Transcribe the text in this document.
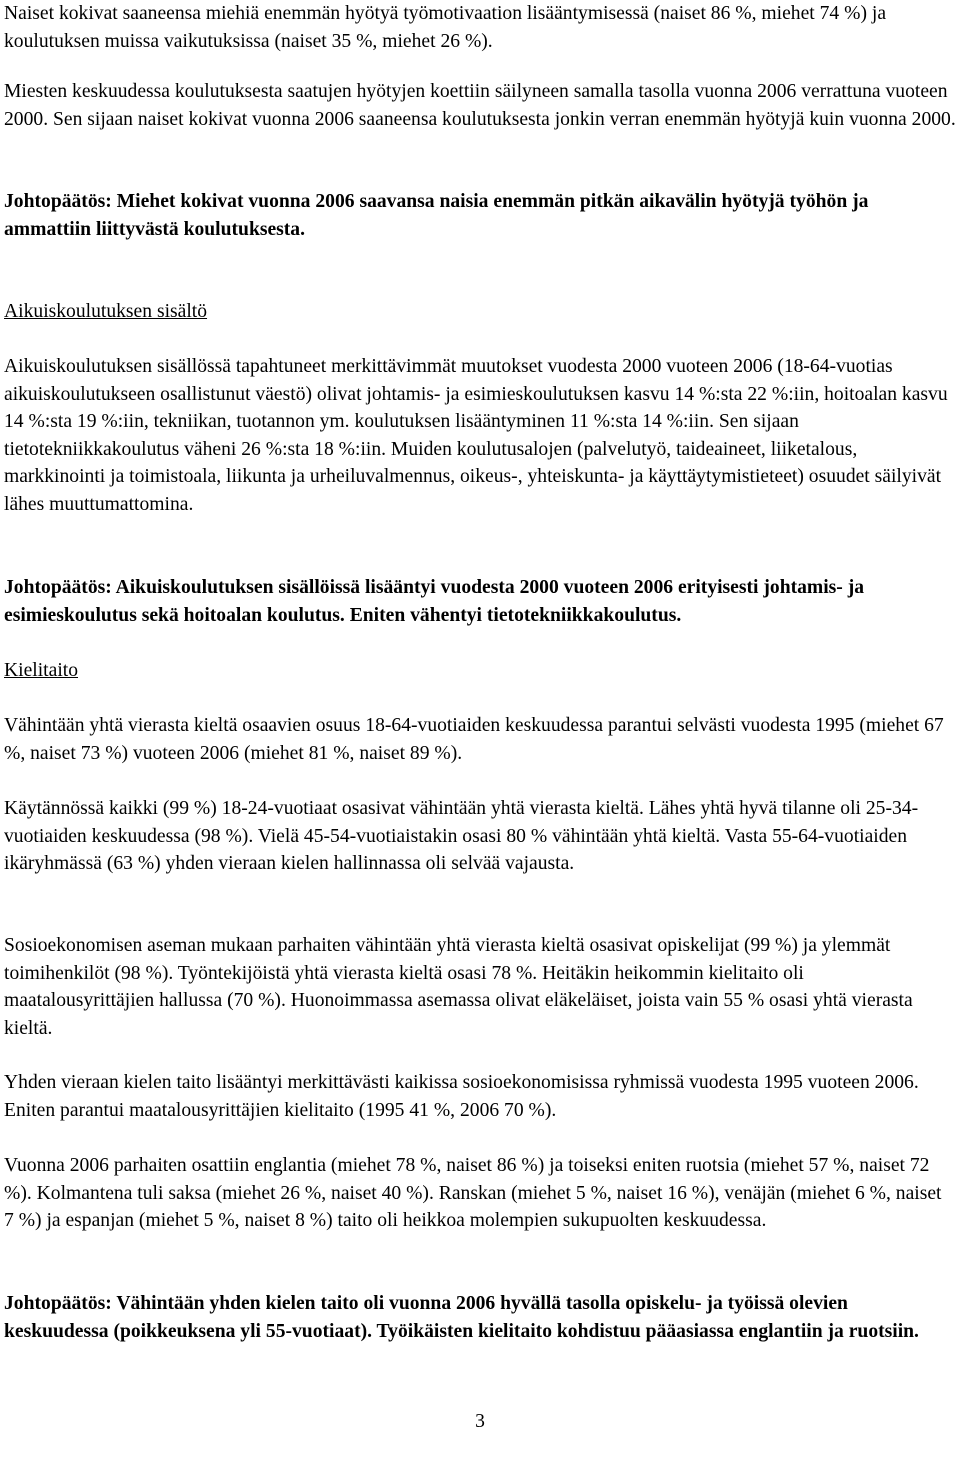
Naiset kokivat saaneensa miehiä enemmän hyötyä työmotivaation lisääntymisessä (naiset 86 %, miehet 74 %) ja koulutuksen muissa vaikutuksissa (naiset 35 %, miehet 26 %).

Miesten keskuudessa koulutuksesta saatujen hyötyjen koettiin säilyneen samalla tasolla vuonna 2006 verrattuna vuoteen 2000. Sen sijaan naiset kokivat vuonna 2006 saaneensa koulutuksesta jonkin verran enemmän hyötyjä kuin vuonna 2000.

Johtopäätös: Miehet kokivat vuonna 2006 saavansa naisia enemmän pitkän aikavälin hyötyjä työhön ja ammattiin liittyvästä koulutuksesta.

Aikuiskoulutuksen sisältö

Aikuiskoulutuksen sisällössä tapahtuneet merkittävimmät muutokset vuodesta 2000 vuoteen 2006 (18-64-vuotias aikuiskoulutukseen osallistunut väestö) olivat johtamis- ja esimieskoulutuksen kasvu 14 %:sta 22 %:iin, hoitoalan kasvu 14 %:sta 19 %:iin, tekniikan, tuotannon ym. koulutuksen lisääntyminen 11 %:sta 14 %:iin. Sen sijaan tietotekniikkakoulutus väheni 26 %:sta 18 %:iin. Muiden koulutusalojen (palvelutyö, taideaineet, liiketalous, markkinointi ja toimistoala, liikunta ja urheiluvalmennus, oikeus-, yhteiskunta- ja käyttäytymistieteet) osuudet säilyivät lähes muuttumattomina.

Johtopäätös: Aikuiskoulutuksen sisällöissä lisääntyi vuodesta 2000 vuoteen 2006 erityisesti johtamis- ja esimieskoulutus sekä hoitoalan koulutus. Eniten vähentyi tietotekniikkakoulutus.

Kielitaito

Vähintään yhtä vierasta kieltä osaavien osuus 18-64-vuotiaiden keskuudessa parantui selvästi vuodesta 1995 (miehet 67 %, naiset 73 %) vuoteen 2006 (miehet 81 %, naiset 89 %).

Käytännössä kaikki (99 %) 18-24-vuotiaat osasivat vähintään yhtä vierasta kieltä. Lähes yhtä hyvä tilanne oli 25-34-vuotiaiden keskuudessa (98 %). Vielä 45-54-vuotiaistakin osasi 80 % vähintään yhtä kieltä. Vasta 55-64-vuotiaiden ikäryhmässä (63 %) yhden vieraan kielen hallinnassa oli selvää vajausta.

Sosioekonomisen aseman mukaan parhaiten vähintään yhtä vierasta kieltä osasivat opiskelijat (99 %) ja ylemmät toimihenkilöt (98 %). Työntekijöistä yhtä vierasta kieltä osasi 78 %. Heitäkin heikommin kielitaito oli maatalousyrittäjien hallussa (70 %). Huonoimmassa asemassa olivat eläkeläiset, joista vain 55 % osasi yhtä vierasta kieltä.

Yhden vieraan kielen taito lisääntyi merkittävästi kaikissa sosioekonomisissa ryhmissä vuodesta 1995 vuoteen 2006. Eniten parantui maatalousyrittäjien kielitaito (1995 41 %, 2006 70 %).

Vuonna 2006 parhaiten osattiin englantia (miehet 78 %, naiset 86 %) ja toiseksi eniten ruotsia (miehet 57 %, naiset 72 %). Kolmantena tuli saksa (miehet 26 %, naiset 40 %). Ranskan (miehet 5 %, naiset 16 %), venäjän (miehet 6 %, naiset 7 %) ja espanjan (miehet 5 %, naiset 8 %) taito oli heikkoa molempien sukupuolten keskuudessa.

Johtopäätös: Vähintään yhden kielen taito oli vuonna 2006 hyvällä tasolla opiskelu- ja työissä olevien keskuudessa (poikkeuksena yli 55-vuotiaat). Työikäisten kielitaito kohdistuu pääasiassa englantiin ja ruotsiin.

3
